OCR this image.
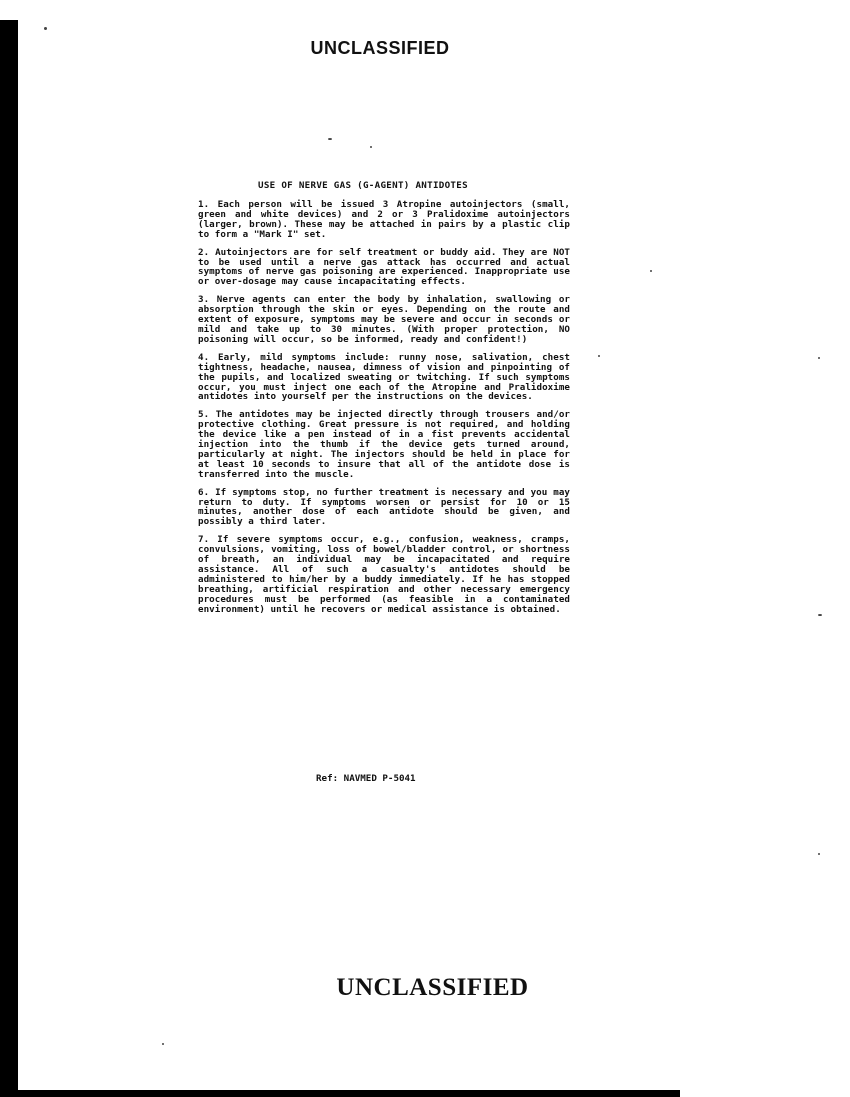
UNCLASSIFIED
USE OF NERVE GAS (G-AGENT) ANTIDOTES

1. Each person will be issued 3 Atropine autoinjectors (small, green and white devices) and 2 or 3 Pralidoxime autoinjectors (larger, brown). These may be attached in pairs by a plastic clip to form a "Mark I" set.

2. Autoinjectors are for self treatment or buddy aid. They are NOT to be used until a nerve gas attack has occurred and actual symptoms of nerve gas poisoning are experienced. Inappropriate use or over-dosage may cause incapacitating effects.

3. Nerve agents can enter the body by inhalation, swallowing or absorption through the skin or eyes. Depending on the route and extent of exposure, symptoms may be severe and occur in seconds or mild and take up to 30 minutes. (With proper protection, NO poisoning will occur, so be informed, ready and confident!)

4. Early, mild symptoms include: runny nose, salivation, chest tightness, headache, nausea, dimness of vision and pinpointing of the pupils, and localized sweating or twitching. If such symptoms occur, you must inject one each of the Atropine and Pralidoxime antidotes into yourself per the instructions on the devices.

5. The antidotes may be injected directly through trousers and/or protective clothing. Great pressure is not required, and holding the device like a pen instead of in a fist prevents accidental injection into the thumb if the device gets turned around, particularly at night. The injectors should be held in place for at least 10 seconds to insure that all of the antidote dose is transferred into the muscle.

6. If symptoms stop, no further treatment is necessary and you may return to duty. If symptoms worsen or persist for 10 or 15 minutes, another dose of each antidote should be given, and possibly a third later.

7. If severe symptoms occur, e.g., confusion, weakness, cramps, convulsions, vomiting, loss of bowel/bladder control, or shortness of breath, an individual may be incapacitated and require assistance. All of such a casualty's antidotes should be administered to him/her by a buddy immediately. If he has stopped breathing, artificial respiration and other necessary emergency procedures must be performed (as feasible in a contaminated environment) until he recovers or medical assistance is obtained.

Ref: NAVMED P-5041
UNCLASSIFIED
